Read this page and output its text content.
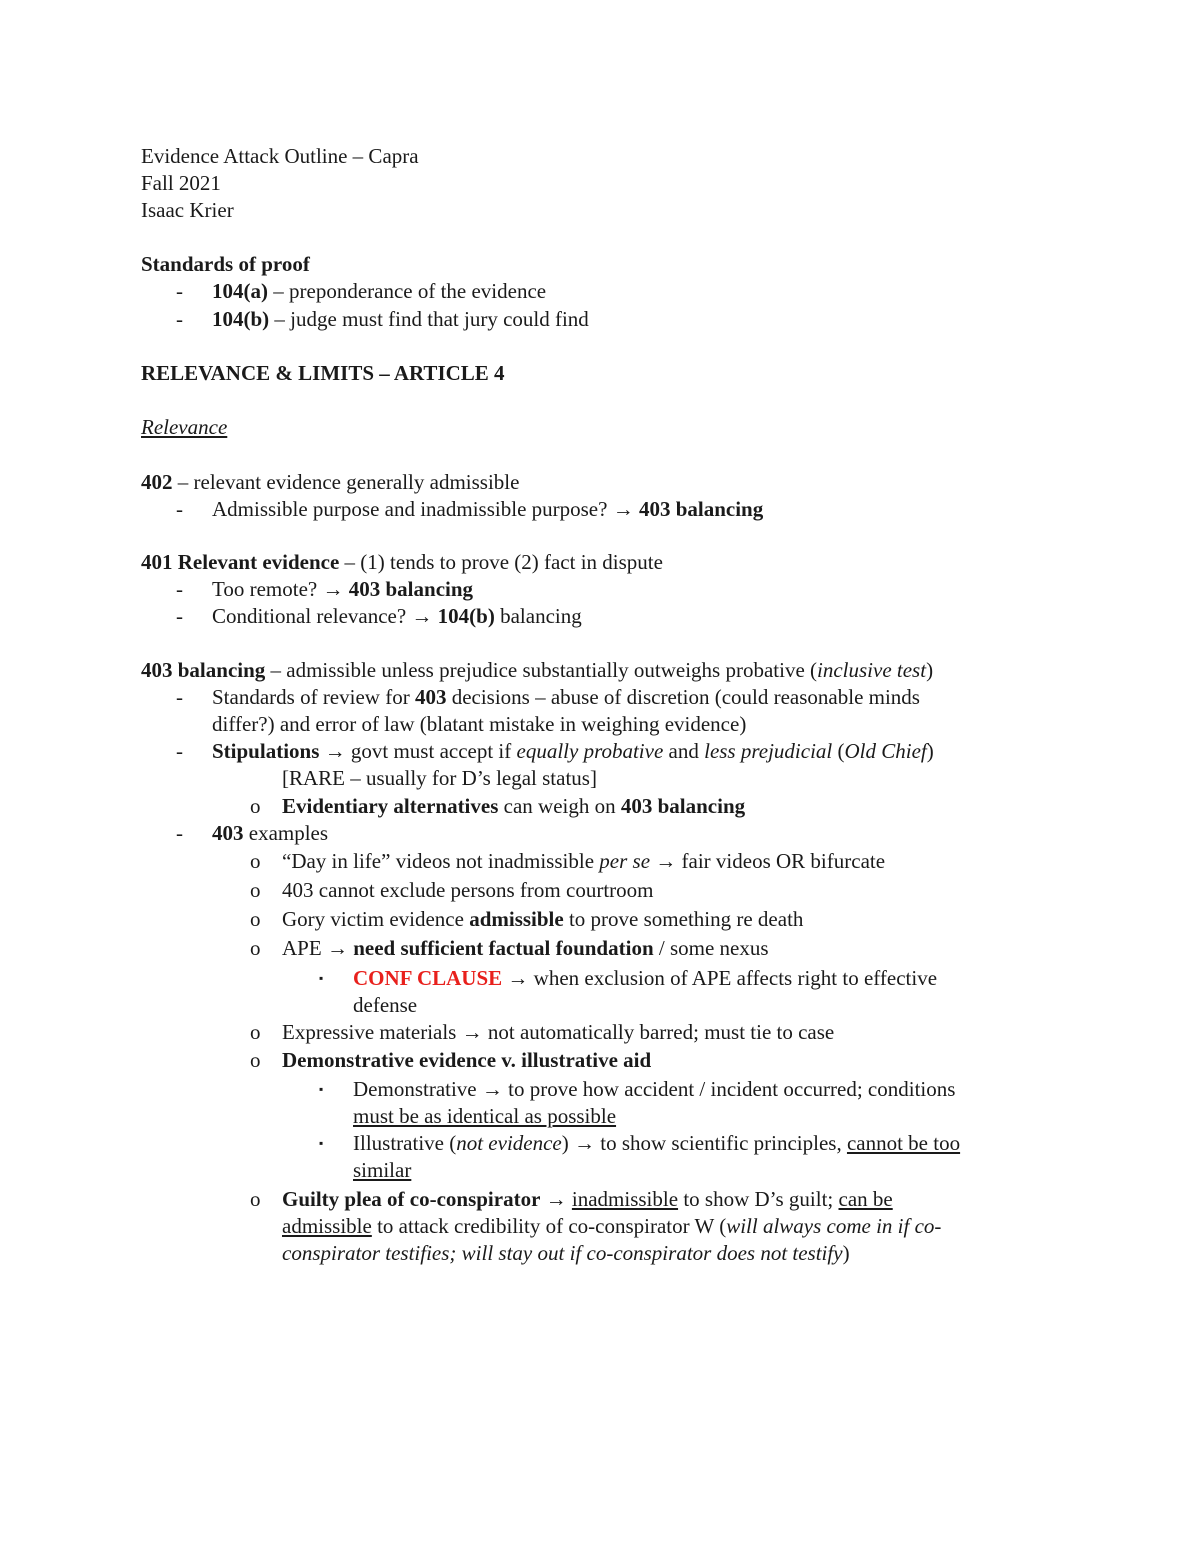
Evidence Attack Outline – Capra
Fall 2021
Isaac Krier
Standards of proof
- 104(a) – preponderance of the evidence
- 104(b) – judge must find that jury could find
RELEVANCE & LIMITS – ARTICLE 4
Relevance
402 – relevant evidence generally admissible
- Admissible purpose and inadmissible purpose? → 403 balancing
401 Relevant evidence – (1) tends to prove (2) fact in dispute
- Too remote? → 403 balancing
- Conditional relevance? → 104(b) balancing
403 balancing – admissible unless prejudice substantially outweighs probative (inclusive test)
- Standards of review for 403 decisions – abuse of discretion (could reasonable minds
differ?) and error of law (blatant mistake in weighing evidence)
- Stipulations → govt must accept if equally probative and less prejudicial (Old Chief)
[RARE – usually for D’s legal status]
o Evidentiary alternatives can weigh on 403 balancing
- 403 examples
o “Day in life” videos not inadmissible per se → fair videos OR bifurcate
o 403 cannot exclude persons from courtroom
o Gory victim evidence admissible to prove something re death
o APE → need sufficient factual foundation / some nexus
▪ CONF CLAUSE → when exclusion of APE affects right to effective
defense
o Expressive materials → not automatically barred; must tie to case
o Demonstrative evidence v. illustrative aid
▪ Demonstrative → to prove how accident / incident occurred; conditions
must be as identical as possible
▪ Illustrative (not evidence) → to show scientific principles, cannot be too
similar
o Guilty plea of co-conspirator → inadmissible to show D’s guilt; can be
admissible to attack credibility of co-conspirator W (will always come in if co-
conspirator testifies; will stay out if co-conspirator does not testify)
